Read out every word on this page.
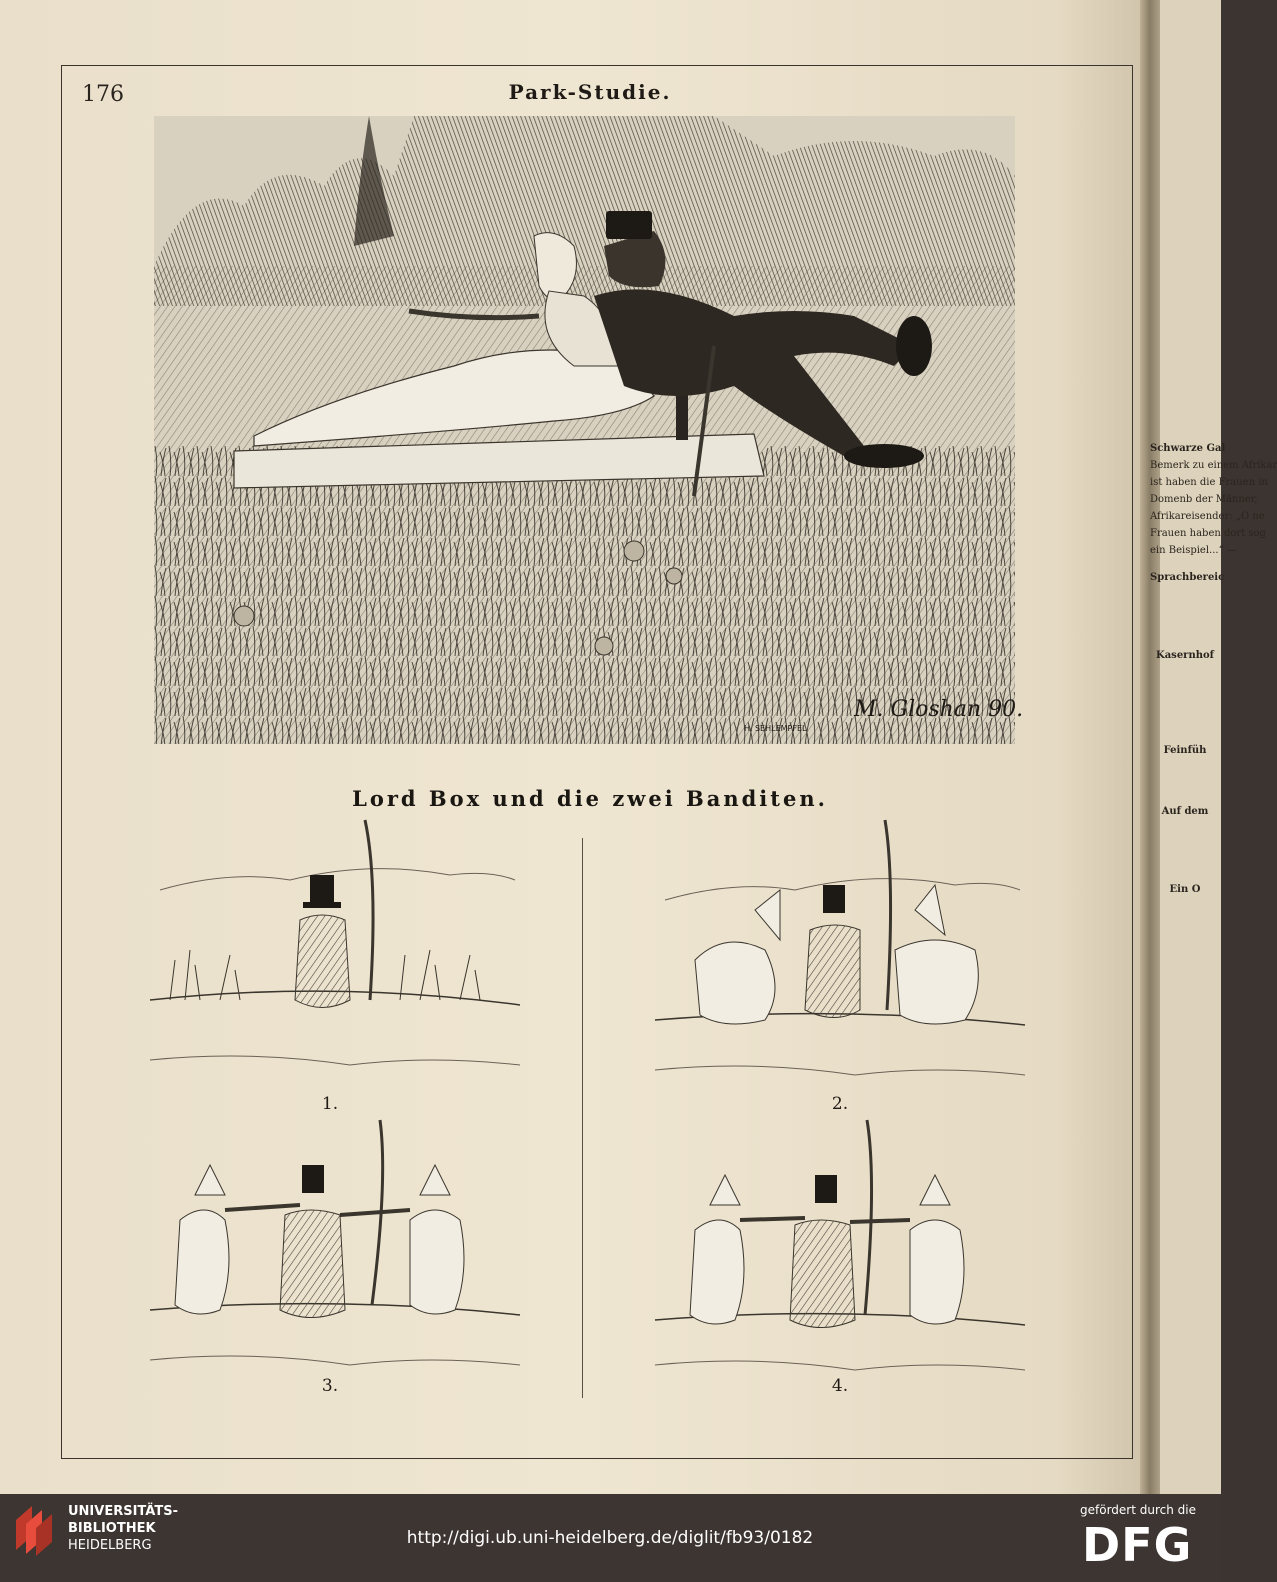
176	Park-Studie.
M. Gloshan 90.
H. SEHLEMPFEL
Lord Box und die zwei Banditen.
1.	2.
3.	4.
Schwarze Gal
Bemerk zu einem Afrikar
ist haben die Frauen in
Domenb der Männer,
Afrikareisender: „O ne
Frauen haben dort sog
ein Beispiel...“ —
Sprachbereic

Kasernhof

Feinfüh

Auf dem

Ein O
UNIVERSITÄTS-
BIBLIOTHEK
HEIDELBERG	http://digi.ub.uni-heidelberg.de/diglit/fb93/0182
gefördert durch die
DFG
